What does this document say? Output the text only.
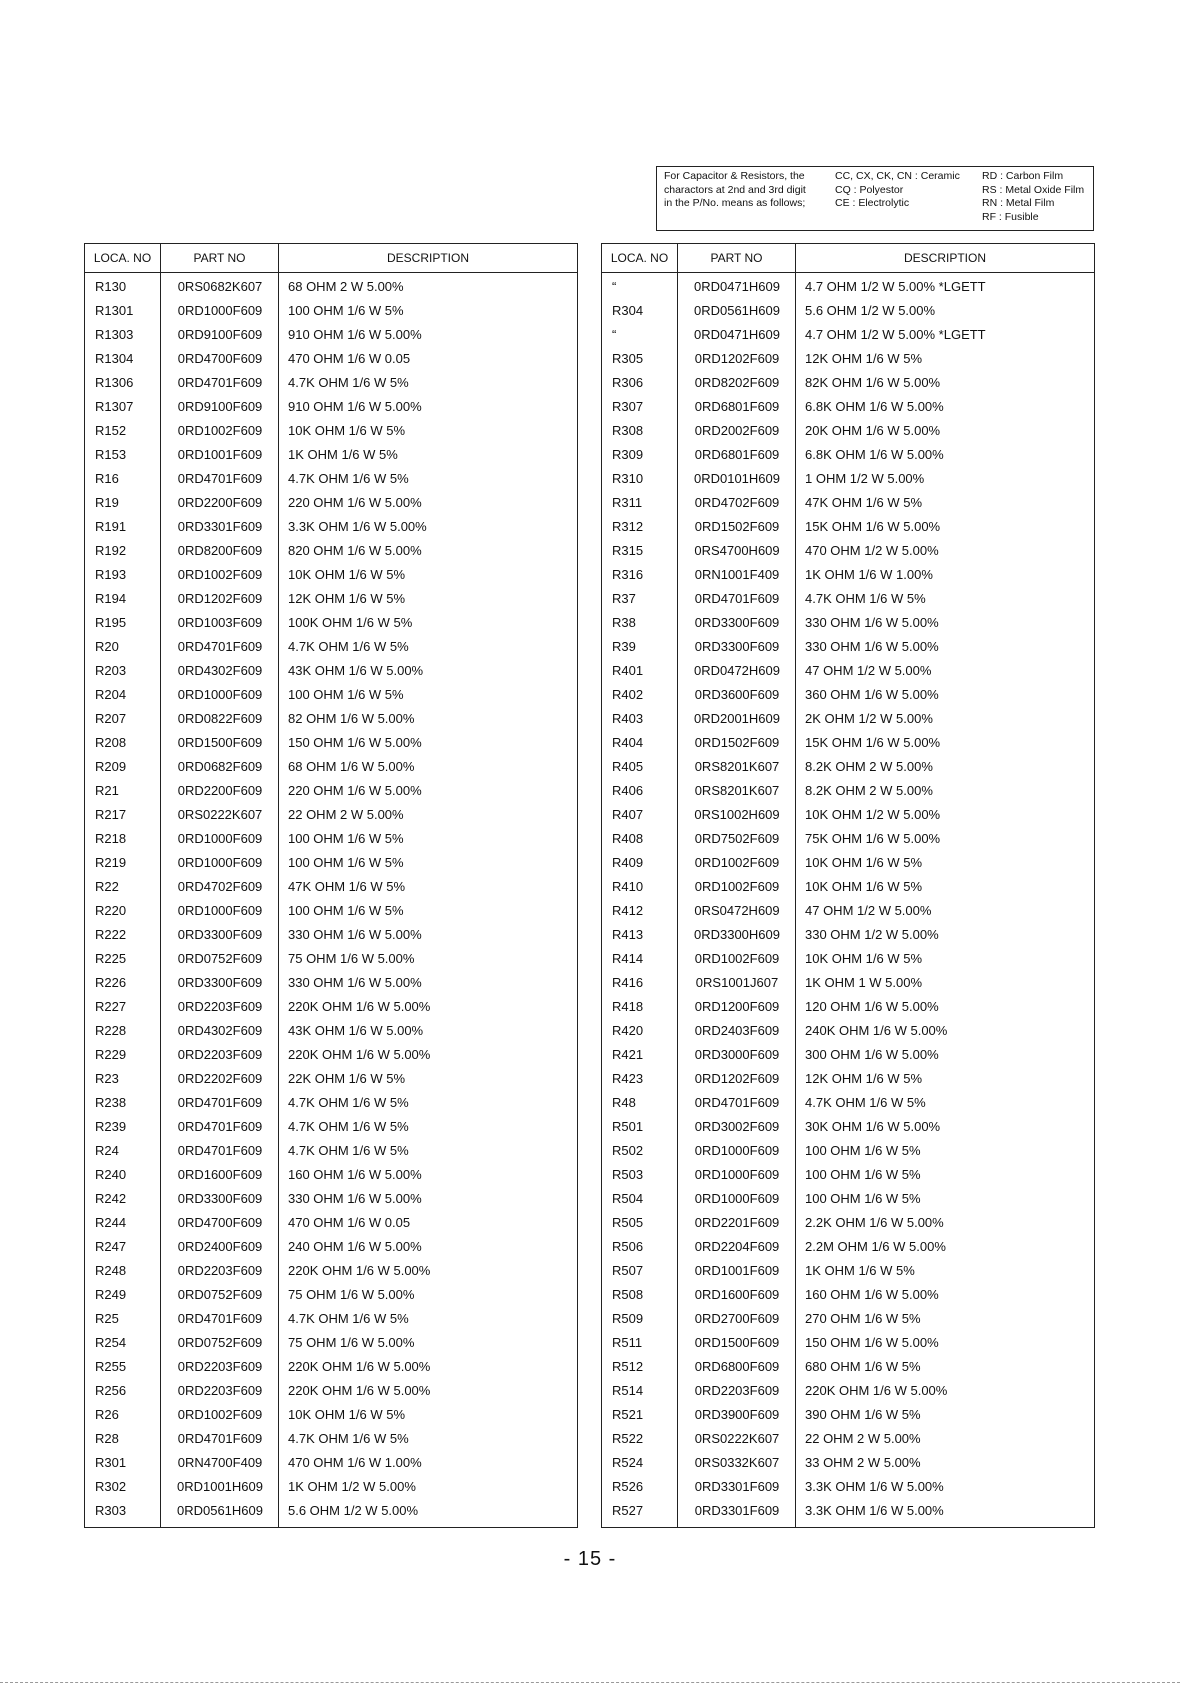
For Capacitor & Resistors, the
charactors at 2nd and 3rd digit
in the P/No. means as follows;
CC, CX, CK, CN : Ceramic
CQ : Polyestor
CE : Electrolytic
RD : Carbon Film
RS : Metal Oxide Film
RN : Metal Film
RF : Fusible
LOCA. NO	PART NO	DESCRIPTION
R130	0RS0682K607	68 OHM 2 W 5.00%
R1301	0RD1000F609	100 OHM 1/6 W 5%
R1303	0RD9100F609	910 OHM 1/6 W 5.00%
R1304	0RD4700F609	470 OHM 1/6 W 0.05
R1306	0RD4701F609	4.7K OHM 1/6 W 5%
R1307	0RD9100F609	910 OHM 1/6 W 5.00%
R152	0RD1002F609	10K OHM 1/6 W 5%
R153	0RD1001F609	1K OHM 1/6 W 5%
R16	0RD4701F609	4.7K OHM 1/6 W 5%
R19	0RD2200F609	220 OHM 1/6 W 5.00%
R191	0RD3301F609	3.3K OHM 1/6 W 5.00%
R192	0RD8200F609	820 OHM 1/6 W 5.00%
R193	0RD1002F609	10K OHM 1/6 W 5%
R194	0RD1202F609	12K OHM 1/6 W 5%
R195	0RD1003F609	100K OHM 1/6 W 5%
R20	0RD4701F609	4.7K OHM 1/6 W 5%
R203	0RD4302F609	43K OHM 1/6 W 5.00%
R204	0RD1000F609	100 OHM 1/6 W 5%
R207	0RD0822F609	82 OHM 1/6 W 5.00%
R208	0RD1500F609	150 OHM 1/6 W 5.00%
R209	0RD0682F609	68 OHM 1/6 W 5.00%
R21	0RD2200F609	220 OHM 1/6 W 5.00%
R217	0RS0222K607	22 OHM 2 W 5.00%
R218	0RD1000F609	100 OHM 1/6 W 5%
R219	0RD1000F609	100 OHM 1/6 W 5%
R22	0RD4702F609	47K OHM 1/6 W 5%
R220	0RD1000F609	100 OHM 1/6 W 5%
R222	0RD3300F609	330 OHM 1/6 W 5.00%
R225	0RD0752F609	75 OHM 1/6 W 5.00%
R226	0RD3300F609	330 OHM 1/6 W 5.00%
R227	0RD2203F609	220K OHM 1/6 W 5.00%
R228	0RD4302F609	43K OHM 1/6 W 5.00%
R229	0RD2203F609	220K OHM 1/6 W 5.00%
R23	0RD2202F609	22K OHM 1/6 W 5%
R238	0RD4701F609	4.7K OHM 1/6 W 5%
R239	0RD4701F609	4.7K OHM 1/6 W 5%
R24	0RD4701F609	4.7K OHM 1/6 W 5%
R240	0RD1600F609	160 OHM 1/6 W 5.00%
R242	0RD3300F609	330 OHM 1/6 W 5.00%
R244	0RD4700F609	470 OHM 1/6 W 0.05
R247	0RD2400F609	240 OHM 1/6 W 5.00%
R248	0RD2203F609	220K OHM 1/6 W 5.00%
R249	0RD0752F609	75 OHM 1/6 W 5.00%
R25	0RD4701F609	4.7K OHM 1/6 W 5%
R254	0RD0752F609	75 OHM 1/6 W 5.00%
R255	0RD2203F609	220K OHM 1/6 W 5.00%
R256	0RD2203F609	220K OHM 1/6 W 5.00%
R26	0RD1002F609	10K OHM 1/6 W 5%
R28	0RD4701F609	4.7K OHM 1/6 W 5%
R301	0RN4700F409	470 OHM 1/6 W 1.00%
R302	0RD1001H609	1K OHM 1/2 W 5.00%
R303	0RD0561H609	5.6 OHM 1/2 W 5.00%
LOCA. NO	PART NO	DESCRIPTION
“	0RD0471H609	4.7 OHM 1/2 W 5.00% *LGETT
R304	0RD0561H609	5.6 OHM 1/2 W 5.00%
“	0RD0471H609	4.7 OHM 1/2 W 5.00% *LGETT
R305	0RD1202F609	12K OHM 1/6 W 5%
R306	0RD8202F609	82K OHM 1/6 W 5.00%
R307	0RD6801F609	6.8K OHM 1/6 W 5.00%
R308	0RD2002F609	20K OHM 1/6 W 5.00%
R309	0RD6801F609	6.8K OHM 1/6 W 5.00%
R310	0RD0101H609	1 OHM 1/2 W 5.00%
R311	0RD4702F609	47K OHM 1/6 W 5%
R312	0RD1502F609	15K OHM 1/6 W 5.00%
R315	0RS4700H609	470 OHM 1/2 W 5.00%
R316	0RN1001F409	1K OHM 1/6 W 1.00%
R37	0RD4701F609	4.7K OHM 1/6 W 5%
R38	0RD3300F609	330 OHM 1/6 W 5.00%
R39	0RD3300F609	330 OHM 1/6 W 5.00%
R401	0RD0472H609	47 OHM 1/2 W 5.00%
R402	0RD3600F609	360 OHM 1/6 W 5.00%
R403	0RD2001H609	2K OHM 1/2 W 5.00%
R404	0RD1502F609	15K OHM 1/6 W 5.00%
R405	0RS8201K607	8.2K OHM 2 W 5.00%
R406	0RS8201K607	8.2K OHM 2 W 5.00%
R407	0RS1002H609	10K OHM 1/2 W 5.00%
R408	0RD7502F609	75K OHM 1/6 W 5.00%
R409	0RD1002F609	10K OHM 1/6 W 5%
R410	0RD1002F609	10K OHM 1/6 W 5%
R412	0RS0472H609	47 OHM 1/2 W 5.00%
R413	0RD3300H609	330 OHM 1/2 W 5.00%
R414	0RD1002F609	10K OHM 1/6 W 5%
R416	0RS1001J607	1K OHM 1 W 5.00%
R418	0RD1200F609	120 OHM 1/6 W 5.00%
R420	0RD2403F609	240K OHM 1/6 W 5.00%
R421	0RD3000F609	300 OHM 1/6 W 5.00%
R423	0RD1202F609	12K OHM 1/6 W 5%
R48	0RD4701F609	4.7K OHM 1/6 W 5%
R501	0RD3002F609	30K OHM 1/6 W 5.00%
R502	0RD1000F609	100 OHM 1/6 W 5%
R503	0RD1000F609	100 OHM 1/6 W 5%
R504	0RD1000F609	100 OHM 1/6 W 5%
R505	0RD2201F609	2.2K OHM 1/6 W 5.00%
R506	0RD2204F609	2.2M OHM 1/6 W 5.00%
R507	0RD1001F609	1K OHM 1/6 W 5%
R508	0RD1600F609	160 OHM 1/6 W 5.00%
R509	0RD2700F609	270 OHM 1/6 W 5%
R511	0RD1500F609	150 OHM 1/6 W 5.00%
R512	0RD6800F609	680 OHM 1/6 W 5%
R514	0RD2203F609	220K OHM 1/6 W 5.00%
R521	0RD3900F609	390 OHM 1/6 W 5%
R522	0RS0222K607	22 OHM 2 W 5.00%
R524	0RS0332K607	33 OHM 2 W 5.00%
R526	0RD3301F609	3.3K OHM 1/6 W 5.00%
R527	0RD3301F609	3.3K OHM 1/6 W 5.00%
- 15 -
